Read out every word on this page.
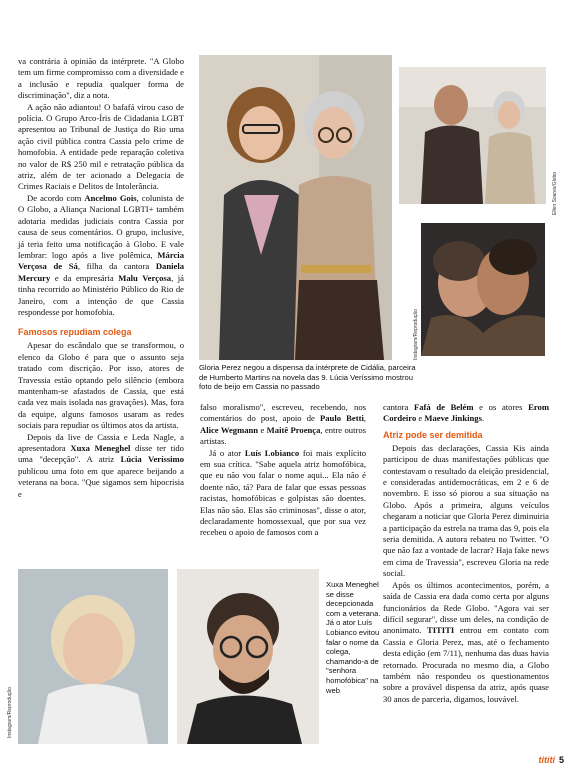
va contrária à opinião da intérprete. "A Globo tem um firme compromisso com a diversidade e a inclusão e repudia qualquer forma de discriminação", diz a nota.

A ação não adiantou! O bafafá virou caso de polícia. O Grupo Arco-Íris de Cidadania LGBT apresentou ao Tribunal de Justiça do Rio uma ação civil pública contra Cassia pelo crime de homofobia. A entidade pede reparação coletiva no valor de R$ 250 mil e retratação pública da atriz, além de ter acionado a Delegacia de Crimes Raciais e Delitos de Intolerância.

De acordo com Ancelmo Gois, colunista de O Globo, a Aliança Nacional LGBTI+ também adotaria medidas judiciais contra Cassia por causa de seus comentários. O grupo, inclusive, já teria feito uma notificação à Globo. E vale lembrar: logo após a live polêmica, Márcia Verçosa de Sá, filha da cantora Daniela Mercury e da empresária Malu Verçosa, já tinha recorrido ao Ministério Público do Rio de Janeiro, com a intenção de que Cassia respondesse por homofobia.

Famosos repudiam colega

Apesar do escândalo que se transformou, o elenco da Globo é para que o assunto seja tratado com discrição. Por isso, atores de Travessia estão optando pelo silêncio (embora mantenham-se afastados de Cassia, que está cada vez mais isolada nas gravações). Mas, fora da equipe, alguns famosos usaram as redes sociais para repudiar os últimos atos da artista.

Depois da live de Cassia e Leda Nagle, a apresentadora Xuxa Meneghel disse ter tido uma "decepção". A atriz Lúcia Veríssimo publicou uma foto em que aparece beijando a veterana na boca. "Que sigamos sem hipocrisia e

Ellen Soares/Globo
Instagram/Reprodução
Instagram/Reprodução
Gloria Perez negou a dispensa da intérprete de Cidália, parceira de Humberto Martins na novela das 9. Lúcia Veríssimo mostrou foto de beijo em Cassia no passado

falso moralismo", escreveu, recebendo, nos comentários do post, apoio de Paulo Betti, Alice Wegmann e Maitê Proença, entre outros artistas.

Já o ator Luís Lobianco foi mais explícito em sua crítica. "Sabe aquela atriz homofóbica, que eu não vou falar o nome aqui... Ela não é doente não, tá? Para de falar que essas pessoas racistas, homofóbicas e golpistas são doentes. Elas não são. Elas são criminosas", disse o ator, declaradamente homossexual, que por sua vez recebeu o apoio de famosos com a

cantora Fafá de Belém e os atores Erom Cordeiro e Maeve Jinkings.

Atriz pode ser demitida

Depois das declarações, Cassia Kis ainda participou de duas manifestações públicas que contestavam o resultado da eleição presidencial, e consideradas antidemocráticas, em 2 e 6 de novembro. E isso só piorou a sua situação na Globo. Após a primeira, alguns veículos chegaram a noticiar que Gloria Perez diminuiria a participação da estrela na trama das 9, pois ela seria demitida. A autora rebateu no Twitter. "O que não faz a vontade de lacrar? Haja fake news em cima de Travessia", escreveu Gloria na rede social.

Após os últimos acontecimentos, porém, a saída de Cassia era dada como certa por alguns funcionários da Rede Globo. "Agora vai ser difícil segurar", disse um deles, na condição de anonimato. TITITI entrou em contato com Cassia e Gloria Perez, mas, até o fechamento desta edição (em 7/11), nenhuma das duas havia retornado. Procurada no mesmo dia, a Globo também não respondeu os questionamentos sobre a provável dispensa da atriz, após quase 30 anos de parceria, digamos, louvável.

Xuxa Meneghel se disse decepcionada com a veterana. Já o ator Luís Lobianco evitou falar o nome da colega, chamando-a de "senhora homofóbica" na web
tititi 5
